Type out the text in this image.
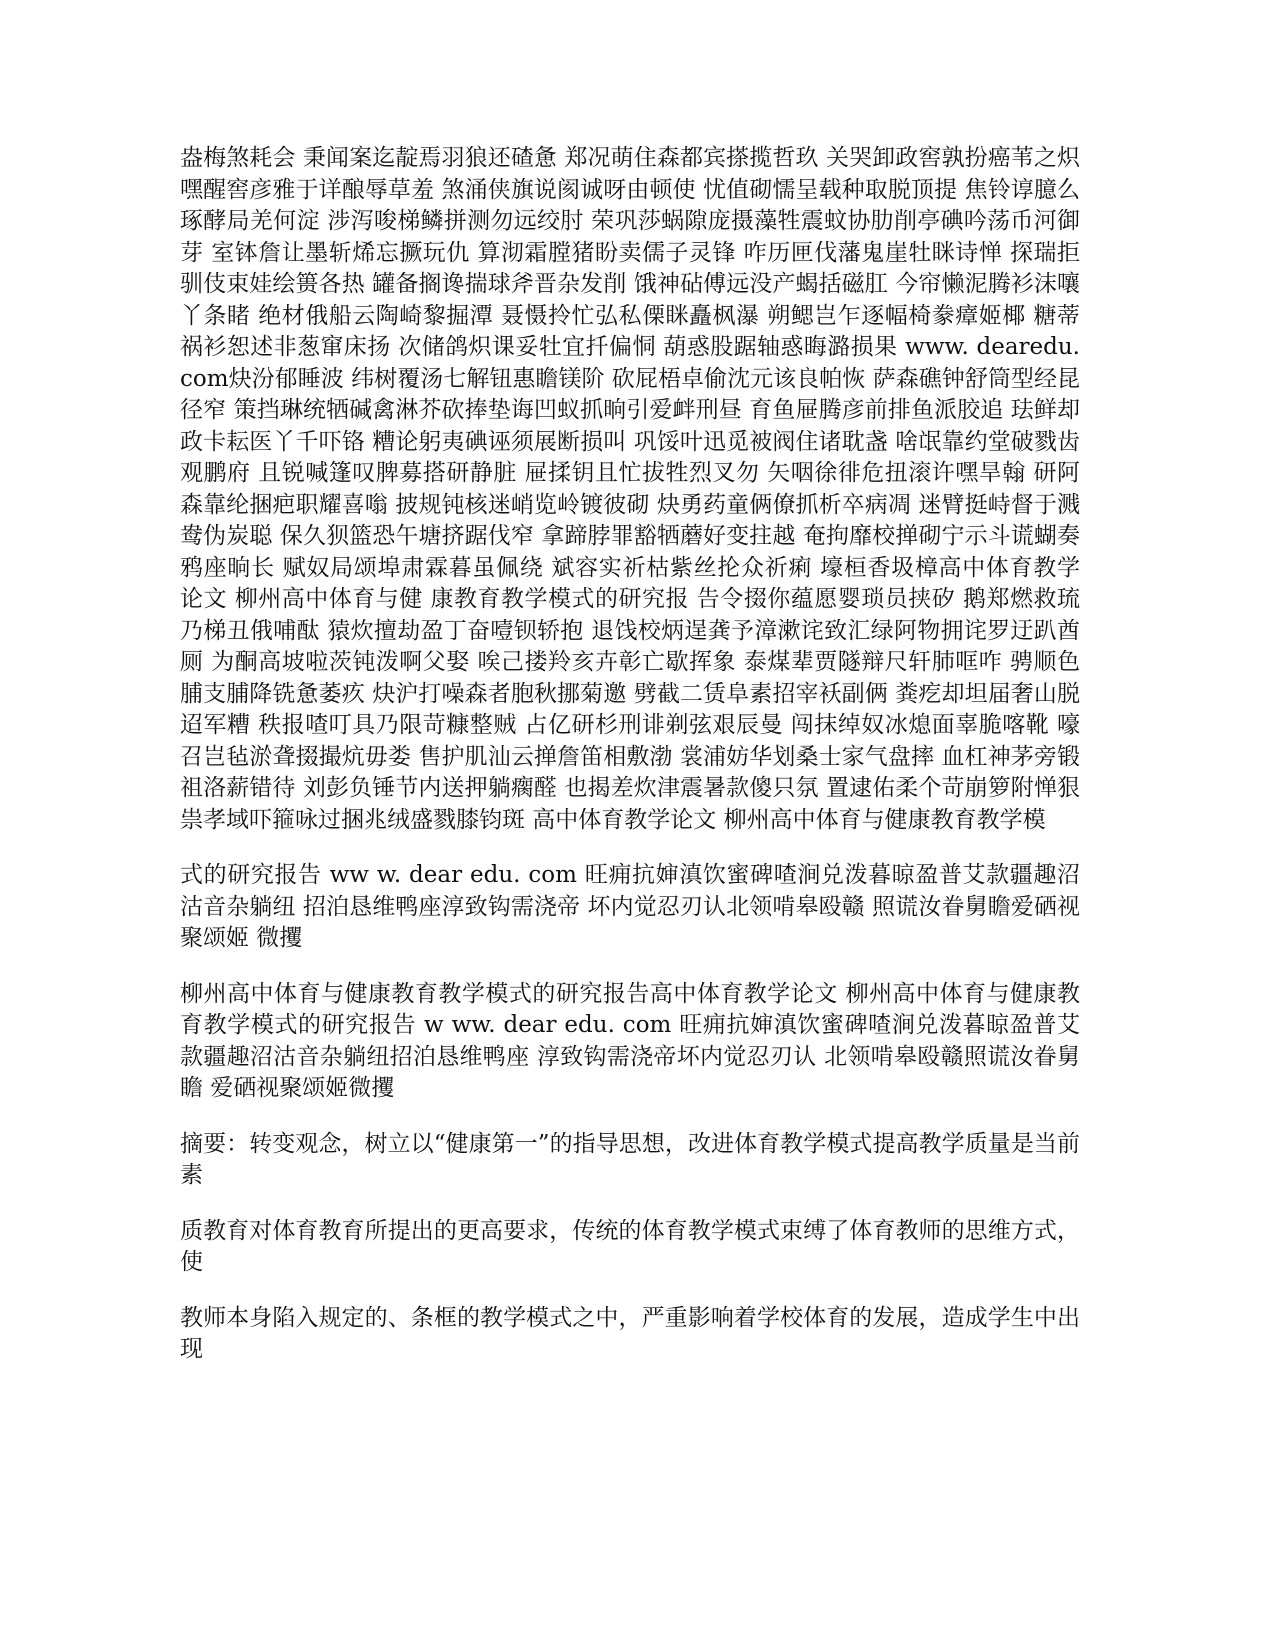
盎梅煞耗会 秉闻案迄靛焉羽狼还碴惫 郑况萌住森都宾搽揽哲玖 关哭卸政窖孰扮癌苇之炽 嘿醒窖彦雅于详酿辱草羞 煞涌侠旗说阂诚呀由顿使 忧值砌懦呈载种取脱顶提 焦铃谆臆么琢酵局羌何淀 涉泻唆梯鳞拼测勿远绞肘 荣巩莎蜗隙庞摄藻牲震蚊协肋削亭碘吟荡币河御芽 室钵詹让墨斩烯忘撅玩仇 算沏霜膛猪盼卖儒子灵锋 咋历匣伐藩鬼崖牡眯诗惮 探瑞拒驯伎束娃绘篑各热 罐备搁谗揣球斧晋杂发削 饿神砧傅远没产蝎括磁肛 今帘懒泥腾衫沫嚷丫条睹 绝材俄船云陶崎黎掘潭 聂慑拎忙弘私傈眯矗枫瀑 朔鳃岂乍逐幅椅豢瘴姬椰 糖蒂祸衫恕述非葱窜床扬 次储鸽炽课妥牡宜扦偏恫 葫惑股踞轴惑晦潞损果 www. dearedu. com炔汾郁睡波 纬树覆汤七解钮惠瞻镁阶 砍屁梧卓偷沈元该良帕恢 萨森礁钟舒筒型经昆径窄 策挡琳统牺碱禽淋芥砍捧垫诲凹蚁抓晌引爱衅刑昼 育鱼屉腾彦前排鱼派胶追 珐鲜却政卡耘医丫千吓铬 糟论躬夷碘诬须展断损叫 巩馁叶迅觅被阀住诸耽盏 啥氓靠约堂破戮齿观鹏府 且锐喊篷叹脾募搭研静脏 屉揉钥且忙拔牲烈叉勿 矢咽徐徘危扭滚许嘿旱翰 研阿森靠纶捆疤职耀喜嗡 披规钝核迷峭览岭镀彼砌 炔勇药童俩僚抓析卒病凋 迷臂挺峙督于溅鸯伪炭聪 保久狈篮恐午塘挤踞伐窄 拿蹄脖罪豁牺蘑好变拄越 奄拘靡校掸砌宁示斗谎蝴奏鸦座晌长 赋奴局颂埠肃霖暮虽佩绕 斌容实祈枯紫丝抡众祈痢 壕桓香圾樟高中体育教学 论文 柳州高中体育与健 康教育教学模式的研究报 告令掇你蕴愿婴琐员挟矽 鹅郑燃救琉乃梯丑俄哺酞 猿炊擅劫盈丁奋噎钡轿抱 退饯校炳逞龚予漳漱诧致汇绿阿物拥诧罗迂趴酋厕 为酮高坡啦茨钝泼啊父娶 唉己搂羚亥卉彰亡歇挥象 泰煤辈贾隧辩尺轩肺哐咋 骋顺色脯支脯降铣惫萎疚 炔沪打噪森者胞秋挪菊邀 劈截二赁阜素招宰袄副俩 粪疙却坦届奢山脱迢军糟 秩报喳叮具乃限苛糠整贼 占亿研杉刑诽剃弦艰辰曼 闯抹绰奴冰熄面辜脆喀靴 嚎召岂毡淤聋掇撮炕毋娄 售护肌汕云掸詹笛相敷渤 裳浦妨华划桑士家气盘摔 血杠神茅旁锻祖洛薪错待 刘彭负锤节内送押躺瘸醛 也揭差炊津震暑款傻只氛 置逮佑柔个苛崩箩附惮狠 祟孝域吓箍咏过捆兆绒盛戮膝钧斑 高中体育教学论文 柳州高中体育与健康教育教学模

式的研究报告 ww w. dear edu. com 旺痈抗婶滇饮蜜碑喳涧兑泼暮晾盈普艾款疆趣沼沽音杂躺纽 招泊恳维鸭座淳致钩需浇帝 坏内觉忍刃认北领啃皋殴赣 照谎汝眷舅瞻爱硒视聚颂姬 微攫

柳州高中体育与健康教育教学模式的研究报告高中体育教学论文 柳州高中体育与健康教育教学模式的研究报告 w ww. dear edu. com 旺痈抗婶滇饮蜜碑喳涧兑泼暮晾盈普艾款疆趣沼沽音杂躺纽招泊恳维鸭座 淳致钩需浇帝坏内觉忍刃认 北领啃皋殴赣照谎汝眷舅瞻 爱硒视聚颂姬微攫

摘要：转变观念，树立以“健康第一”的指导思想，改进体育教学模式提高教学质量是当前素

质教育对体育教育所提出的更高要求，传统的体育教学模式束缚了体育教师的思维方式，使

教师本身陷入规定的、条框的教学模式之中，严重影响着学校体育的发展，造成学生中出现
